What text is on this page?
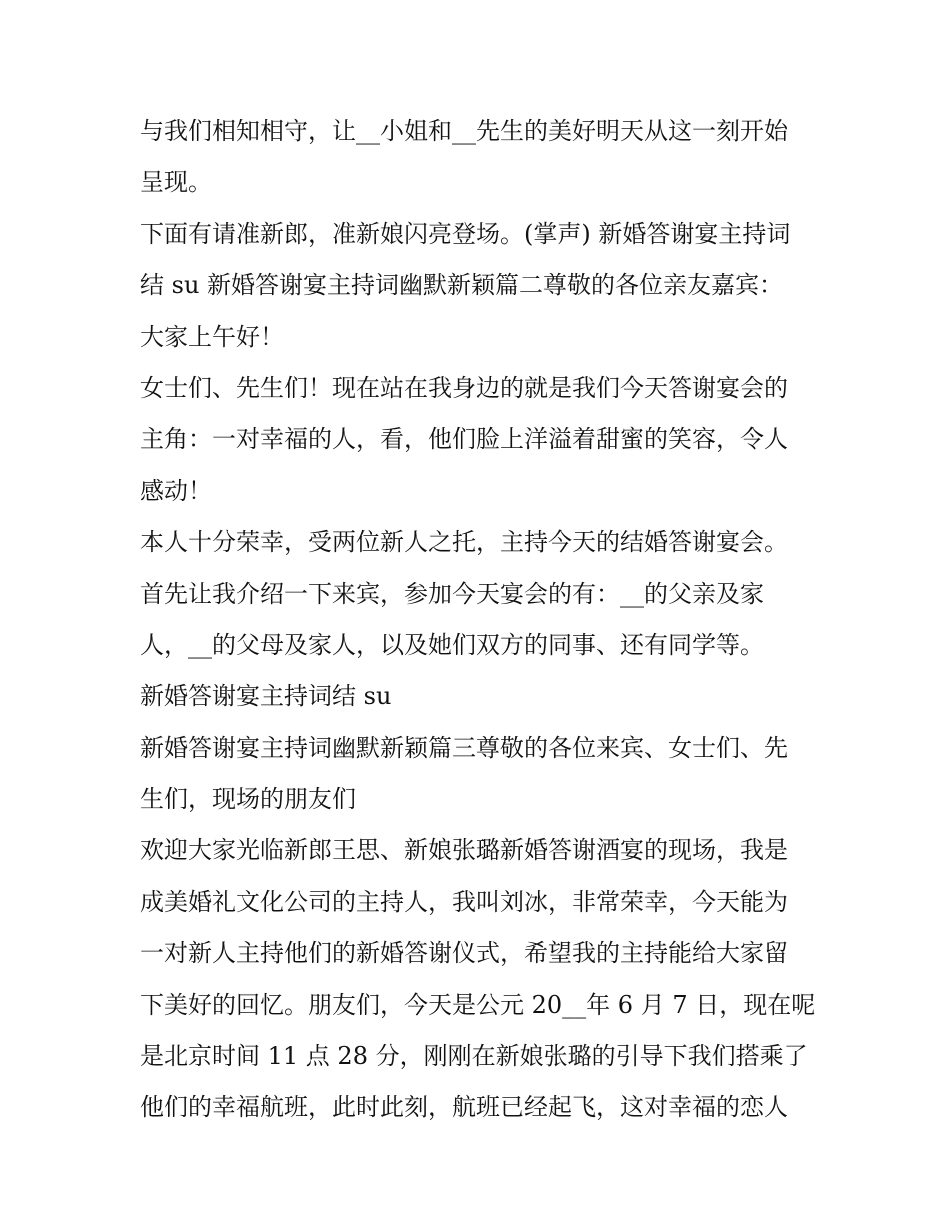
与我们相知相守，让__小姐和__先生的美好明天从这一刻开始
呈现。
下面有请准新郎，准新娘闪亮登场。(掌声) 新婚答谢宴主持词
结 su 新婚答谢宴主持词幽默新颖篇二尊敬的各位亲友嘉宾：
大家上午好！
女士们、先生们！现在站在我身边的就是我们今天答谢宴会的
主角：一对幸福的人，看，他们脸上洋溢着甜蜜的笑容，令人
感动！
本人十分荣幸，受两位新人之托，主持今天的结婚答谢宴会。
首先让我介绍一下来宾，参加今天宴会的有：__的父亲及家
人，__的父母及家人，以及她们双方的同事、还有同学等。
新婚答谢宴主持词结 su
新婚答谢宴主持词幽默新颖篇三尊敬的各位来宾、女士们、先
生们，现场的朋友们
欢迎大家光临新郎王思、新娘张璐新婚答谢酒宴的现场，我是
成美婚礼文化公司的主持人，我叫刘冰，非常荣幸，今天能为
一对新人主持他们的新婚答谢仪式，希望我的主持能给大家留
下美好的回忆。朋友们，今天是公元 20__年 6 月 7 日，现在呢
是北京时间 11 点 28 分，刚刚在新娘张璐的引导下我们搭乘了
他们的幸福航班，此时此刻，航班已经起飞，这对幸福的恋人
